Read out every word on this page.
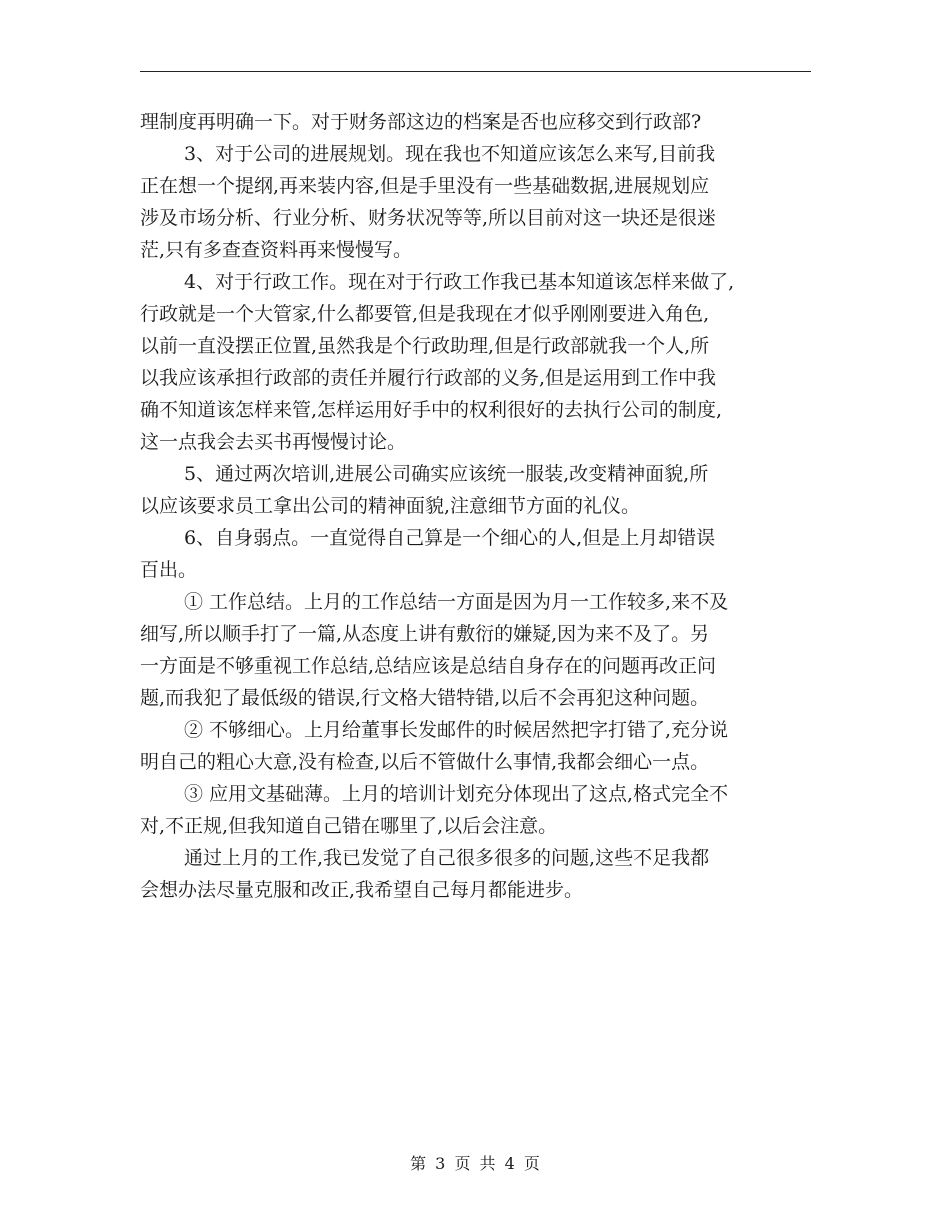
理制度再明确一下。对于财务部这边的档案是否也应移交到行政部?
3、对于公司的进展规划。现在我也不知道应该怎么来写,目前我
正在想一个提纲,再来装内容,但是手里没有一些基础数据,进展规划应
涉及市场分析、行业分析、财务状况等等,所以目前对这一块还是很迷
茫,只有多查查资料再来慢慢写。
4、对于行政工作。现在对于行政工作我已基本知道该怎样来做了,
行政就是一个大管家,什么都要管,但是我现在才似乎刚刚要进入角色,
以前一直没摆正位置,虽然我是个行政助理,但是行政部就我一个人,所
以我应该承担行政部的责任并履行行政部的义务,但是运用到工作中我
确不知道该怎样来管,怎样运用好手中的权利很好的去执行公司的制度,
这一点我会去买书再慢慢讨论。
5、通过两次培训,进展公司确实应该统一服装,改变精神面貌,所
以应该要求员工拿出公司的精神面貌,注意细节方面的礼仪。
6、自身弱点。一直觉得自己算是一个细心的人,但是上月却错误
百出。
① 工作总结。上月的工作总结一方面是因为月一工作较多,来不及
细写,所以顺手打了一篇,从态度上讲有敷衍的嫌疑,因为来不及了。另
一方面是不够重视工作总结,总结应该是总结自身存在的问题再改正问
题,而我犯了最低级的错误,行文格大错特错,以后不会再犯这种问题。
② 不够细心。上月给董事长发邮件的时候居然把字打错了,充分说
明自己的粗心大意,没有检查,以后不管做什么事情,我都会细心一点。
③ 应用文基础薄。上月的培训计划充分体现出了这点,格式完全不
对,不正规,但我知道自己错在哪里了,以后会注意。
通过上月的工作,我已发觉了自己很多很多的问题,这些不足我都
会想办法尽量克服和改正,我希望自己每月都能进步。
第 3 页 共 4 页
